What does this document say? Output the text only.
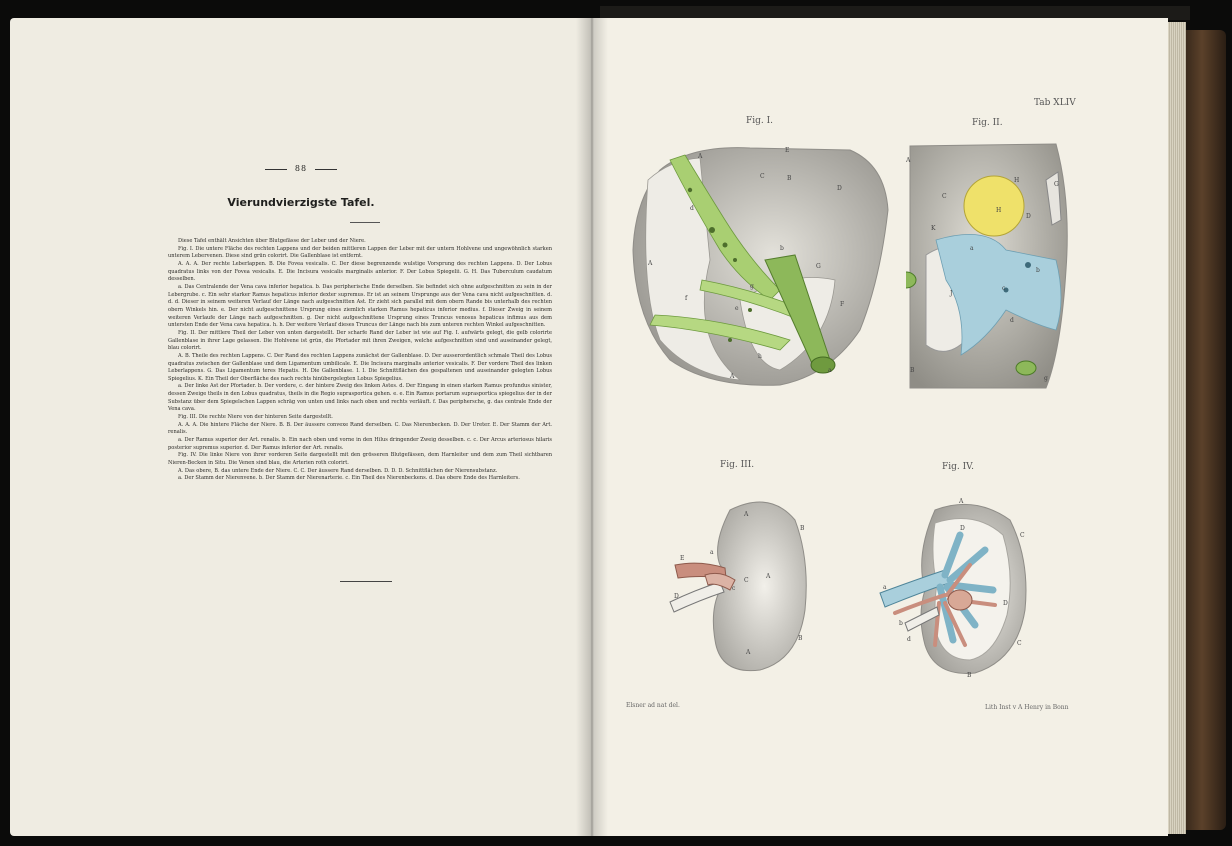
88
Vierundvierzigste Tafel.

Diese Tafel enthält Ansichten über Blutgefässe der Leber und der Niere.

Fig. I. Die untere Fläche des rechten Lappens und der beiden mittleren Lappen der Leber mit der untern Hohlvene und ungewöhnlich starken unterem Lebervenen. Diese sind grün colorirt. Die Gallenblase ist entfernt.

A. A. A. Der rechte Leberlappen. B. Die Fovea vesicalis. C. Der diese begrenzende wulstige Vorsprung des rechten Lappens. D. Der Lobus quadratus links von der Fovea vesicalis. E. Die Incisura vesicalis marginalis anterior. F. Der Lobus Spiegelii. G. H. Das Tuberculum caudatum desselben.

a. Das Centralende der Vena cava inferior hepatica. b. Das peripherische Ende derselben. Sie befindet sich ohne aufgeschnitten zu sein in der Lebergrube. c. Ein sehr starker Ramus hepaticus inferior dexter supremus. Er ist an seinem Ursprunge aus der Vena cava nicht aufgeschnitten. d. d. d. Dieser in seinem weiteren Verlauf der Länge nach aufgeschnitten Ast. Er zieht sich parallel mit dem obern Rande bis unterhalb des rechten obern Winkels hin. e. Der nicht aufgeschnittene Ursprung eines ziemlich starken Ramus hepaticus inferior medius. f. Dieser Zweig in seinem weiteren Verlaufe der Länge nach aufgeschnitten. g. Der nicht aufgeschnittene Ursprung eines Truncus venosus hepaticus infimus aus dem untersten Ende der Vena cava hepatica. h. h. Der weitere Verlauf dieses Truncus der Länge nach bis zum unteren rechten Winkel aufgeschnitten.

Fig. II. Der mittlere Theil der Leber von unten dargestellt. Der scharfe Rand der Leber ist wie auf Fig. I. aufwärts gelegt, die gelb colorirte Gallenblase in ihrer Lage gelassen. Die Hohlvene ist grün, die Pfortader mit ihren Zweigen, welche aufgeschnitten sind und auseinander gelegt, blau colorirt.

A. B. Theile des rechten Lappens. C. Der Rand des rechten Lappens zunächst der Gallenblase. D. Der ausserordentlich schmale Theil des Lobus quadratus zwischen der Gallenblase und dem Ligamentum umbilicale. E. Die Incisura marginalis anterior vesicalis. F. Der vordere Theil des linken Leberlappens. G. Das Ligamentum teres Hepatis. H. Die Gallenblase. I. I. Die Schnittflächen des gespaltenen und auseinander gelegten Lobus Spiegelius. K. Ein Theil der Oberfläche des nach rechts hinübergelegten Lobus Spiegelius.

a. Der linke Ast der Pfortader. b. Der vordere, c. der hintere Zweig des linken Astes. d. Der Eingang in einen starken Ramus profundus sinister, dessen Zweige theils in den Lobus quadratus, theils in die Regio suprasportica gehen. e. e. Ein Ramus portarum suprasportica spiegelius der in der Substanz über dem Spiegelschen Lappen schräg von unten und links nach oben und rechts verläuft. f. Das periphersche, g. das centrale Ende der Vena cava.

Fig. III. Die rechte Niere von der hinteren Seite dargestellt.

A. A. A. Die hintere Fläche der Niere. B. B. Der äussere convexe Rand derselben. C. Das Nierenbecken. D. Der Ureter. E. Der Stamm der Art. renalis.

a. Der Ramus superior der Art. renalis. b. Ein nach oben und vorne in den Hilus dringender Zweig desselben. c. c. Der Arcus arteriosus hilaris posterior supremus superior. d. Der Ramus inferior der Art. renalis.

Fig. IV. Die linke Niere von ihrer vorderen Seite dargestellt mit den grösseren Blutgefässen, dem Harnleiter und dem zum Theil sichtbaren Nieren-Becken in Situ. Die Venen sind blau, die Arterien roth colorirt.

A. Das obere, B. das untere Ende der Niere. C. C. Der äussere Rand derselben. D. D. D. Schnittflächen der Nierensubstanz.

a. Der Stamm der Nierenvene. b. Der Stamm der Nierenarterie. c. Ein Theil des Nierenbeckens. d. Das obere Ende des Harnleiters.

Tab XLIV
Fig. I.	Fig. II.
Fig. III.	Fig. IV.
A
E
C	B
D
G
F
A
A
a
b
d
g
e
f
h
A
H
H
C
K
J
a
b
c
d
B
g
D
G
A
B
A
A
B
C
D
E
a
c
A
C
C
B
D
D
a
b
d
Elsner ad nat del.	Lith Inst v A Henry in Bonn
